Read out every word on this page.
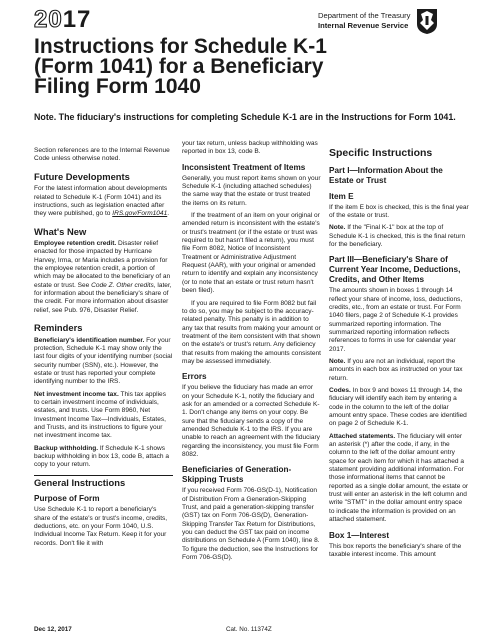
2017	Department of the Treasury
Internal Revenue Service
Instructions for Schedule K-1
(Form 1041) for a Beneficiary
Filing Form 1040
Note. The fiduciary's instructions for completing Schedule K-1 are in the Instructions for Form 1041.

Section references are to the Internal Revenue Code unless otherwise noted.

Future Developments

For the latest information about developments related to Schedule K-1 (Form 1041) and its instructions, such as legislation enacted after they were published, go to IRS.gov/Form1041.

What's New

Employee retention credit. Disaster relief enacted for those impacted by Hurricane Harvey, Irma, or Maria includes a provision for the employee retention credit, a portion of which may be allocated to the beneficiary of an estate or trust. See Code Z. Other credits, later, for information about the beneficiary's share of the credit. For more information about disaster relief, see Pub. 976, Disaster Relief.

Reminders

Beneficiary's identification number. For your protection, Schedule K-1 may show only the last four digits of your identifying number (social security number (SSN), etc.). However, the estate or trust has reported your complete identifying number to the IRS.

Net investment income tax. This tax applies to certain investment income of individuals, estates, and trusts. Use Form 8960, Net Investment Income Tax—Individuals, Estates, and Trusts, and its instructions to figure your net investment income tax.

Backup withholding. If Schedule K-1 shows backup withholding in box 13, code B, attach a copy to your return.

General Instructions
Purpose of Form

Use Schedule K-1 to report a beneficiary's share of the estate's or trust's income, credits, deductions, etc. on your Form 1040, U.S. Individual Income Tax Return. Keep it for your records. Don't file it with

your tax return, unless backup withholding was reported in box 13, code B.

Inconsistent Treatment of Items

Generally, you must report items shown on your Schedule K-1 (including attached schedules) the same way that the estate or trust treated the items on its return.

If the treatment of an item on your original or amended return is inconsistent with the estate's or trust's treatment (or if the estate or trust was required to but hasn't filed a return), you must file Form 8082, Notice of Inconsistent Treatment or Administrative Adjustment Request (AAR), with your original or amended return to identify and explain any inconsistency (or to note that an estate or trust return hasn't been filed).

If you are required to file Form 8082 but fail to do so, you may be subject to the accuracy-related penalty. This penalty is in addition to any tax that results from making your amount or treatment of the item consistent with that shown on the estate's or trust's return. Any deficiency that results from making the amounts consistent may be assessed immediately.

Errors

If you believe the fiduciary has made an error on your Schedule K-1, notify the fiduciary and ask for an amended or a corrected Schedule K-1. Don't change any items on your copy. Be sure that the fiduciary sends a copy of the amended Schedule K-1 to the IRS. If you are unable to reach an agreement with the fiduciary regarding the inconsistency, you must file Form 8082.

Beneficiaries of Generation-Skipping Trusts

If you received Form 706-GS(D-1), Notification of Distribution From a Generation-Skipping Trust, and paid a generation-skipping transfer (GST) tax on Form 706-GS(D), Generation-Skipping Transfer Tax Return for Distributions, you can deduct the GST tax paid on income distributions on Schedule A (Form 1040), line 8. To figure the deduction, see the Instructions for Form 706-GS(D).

Specific Instructions
Part I—Information About the Estate or Trust
Item E

If the item E box is checked, this is the final year of the estate or trust.

Note. If the "Final K-1" box at the top of Schedule K-1 is checked, this is the final return for the beneficiary.

Part III—Beneficiary's Share of Current Year Income, Deductions, Credits, and Other Items

The amounts shown in boxes 1 through 14 reflect your share of income, loss, deductions, credits, etc., from an estate or trust. For Form 1040 filers, page 2 of Schedule K-1 provides summarized reporting information. The summarized reporting information reflects references to forms in use for calendar year 2017.

Note. If you are not an individual, report the amounts in each box as instructed on your tax return.

Codes. In box 9 and boxes 11 through 14, the fiduciary will identify each item by entering a code in the column to the left of the dollar amount entry space. These codes are identified on page 2 of Schedule K-1.

Attached statements. The fiduciary will enter an asterisk (*) after the code, if any, in the column to the left of the dollar amount entry space for each item for which it has attached a statement providing additional information. For those informational items that cannot be reported as a single dollar amount, the estate or trust will enter an asterisk in the left column and write "STMT" in the dollar amount entry space to indicate the information is provided on an attached statement.

Box 1—Interest

This box reports the beneficiary's share of the taxable interest income. This amount

Dec 12, 2017	Cat. No. 11374Z
